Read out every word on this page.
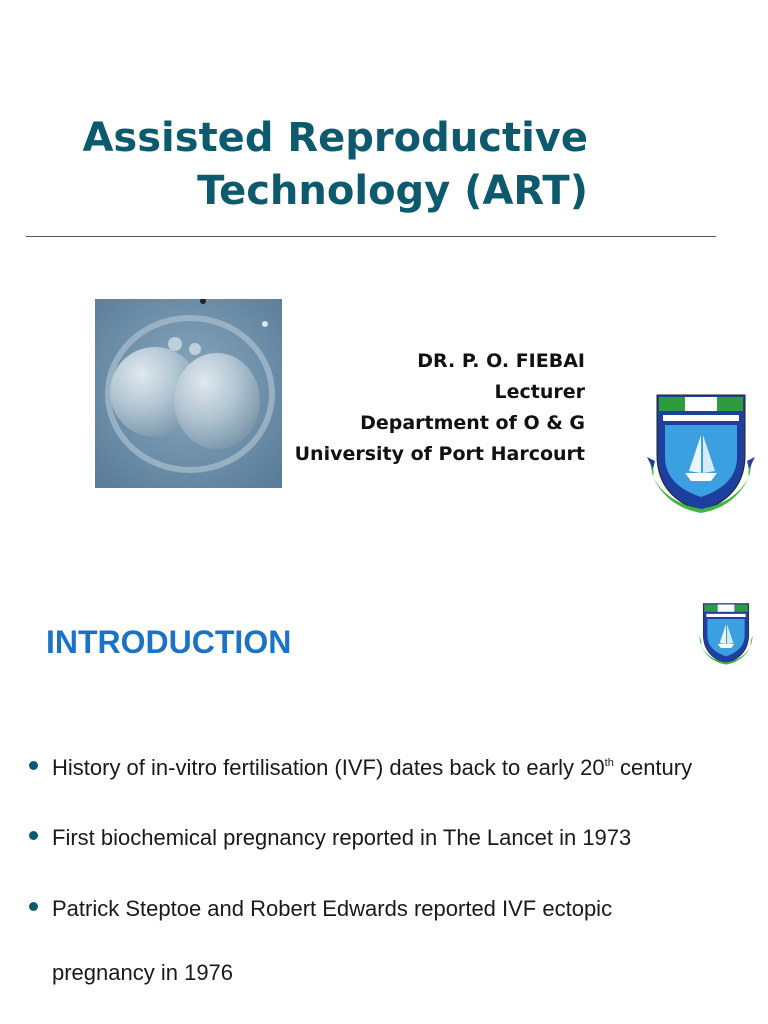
Assisted Reproductive
Technology (ART)
DR. P. O. FIEBAI
Lecturer
Department of O & G
University of Port Harcourt
INTRODUCTION
History of in-vitro fertilisation (IVF) dates back to early 20th century
First biochemical pregnancy reported in The Lancet in 1973
Patrick Steptoe and Robert Edwards reported IVF ectopic
pregnancy in 1976
